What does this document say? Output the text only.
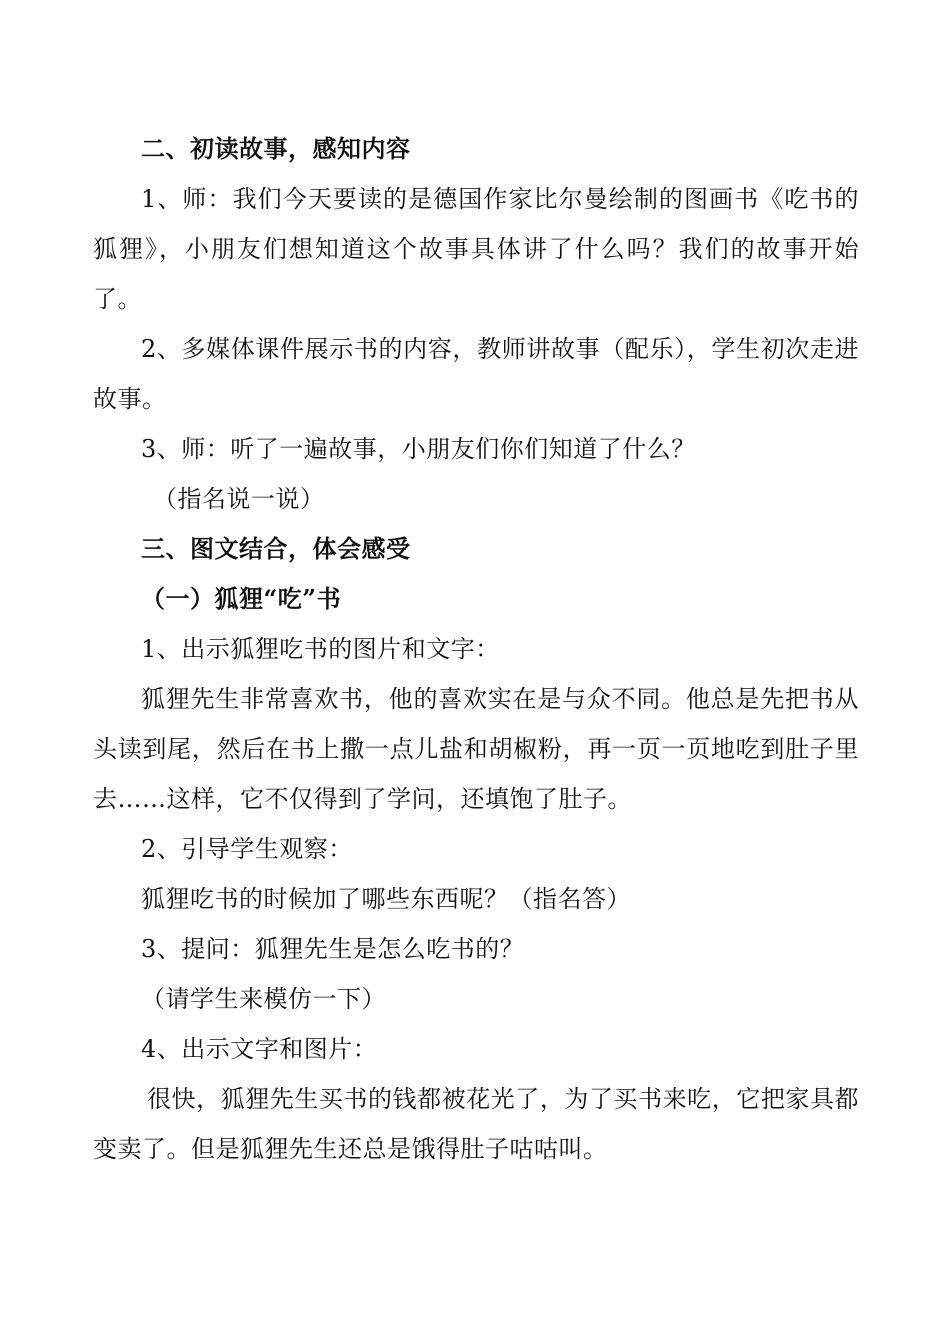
二、初读故事，感知内容

1、师：我们今天要读的是德国作家比尔曼绘制的图画书《吃书的狐狸》，小朋友们想知道这个故事具体讲了什么吗？我们的故事开始了。

2、多媒体课件展示书的内容，教师讲故事（配乐），学生初次走进故事。

3、师：听了一遍故事，小朋友们你们知道了什么？

（指名说一说）

三、图文结合，体会感受

（一）狐狸“吃”书

1、出示狐狸吃书的图片和文字：

狐狸先生非常喜欢书，他的喜欢实在是与众不同。他总是先把书从头读到尾，然后在书上撒一点儿盐和胡椒粉，再一页一页地吃到肚子里去……这样，它不仅得到了学问，还填饱了肚子。

2、引导学生观察：

狐狸吃书的时候加了哪些东西呢？（指名答）

3、提问：狐狸先生是怎么吃书的？

（请学生来模仿一下）

4、出示文字和图片：

很快，狐狸先生买书的钱都被花光了，为了买书来吃，它把家具都变卖了。但是狐狸先生还总是饿得肚子咕咕叫。
